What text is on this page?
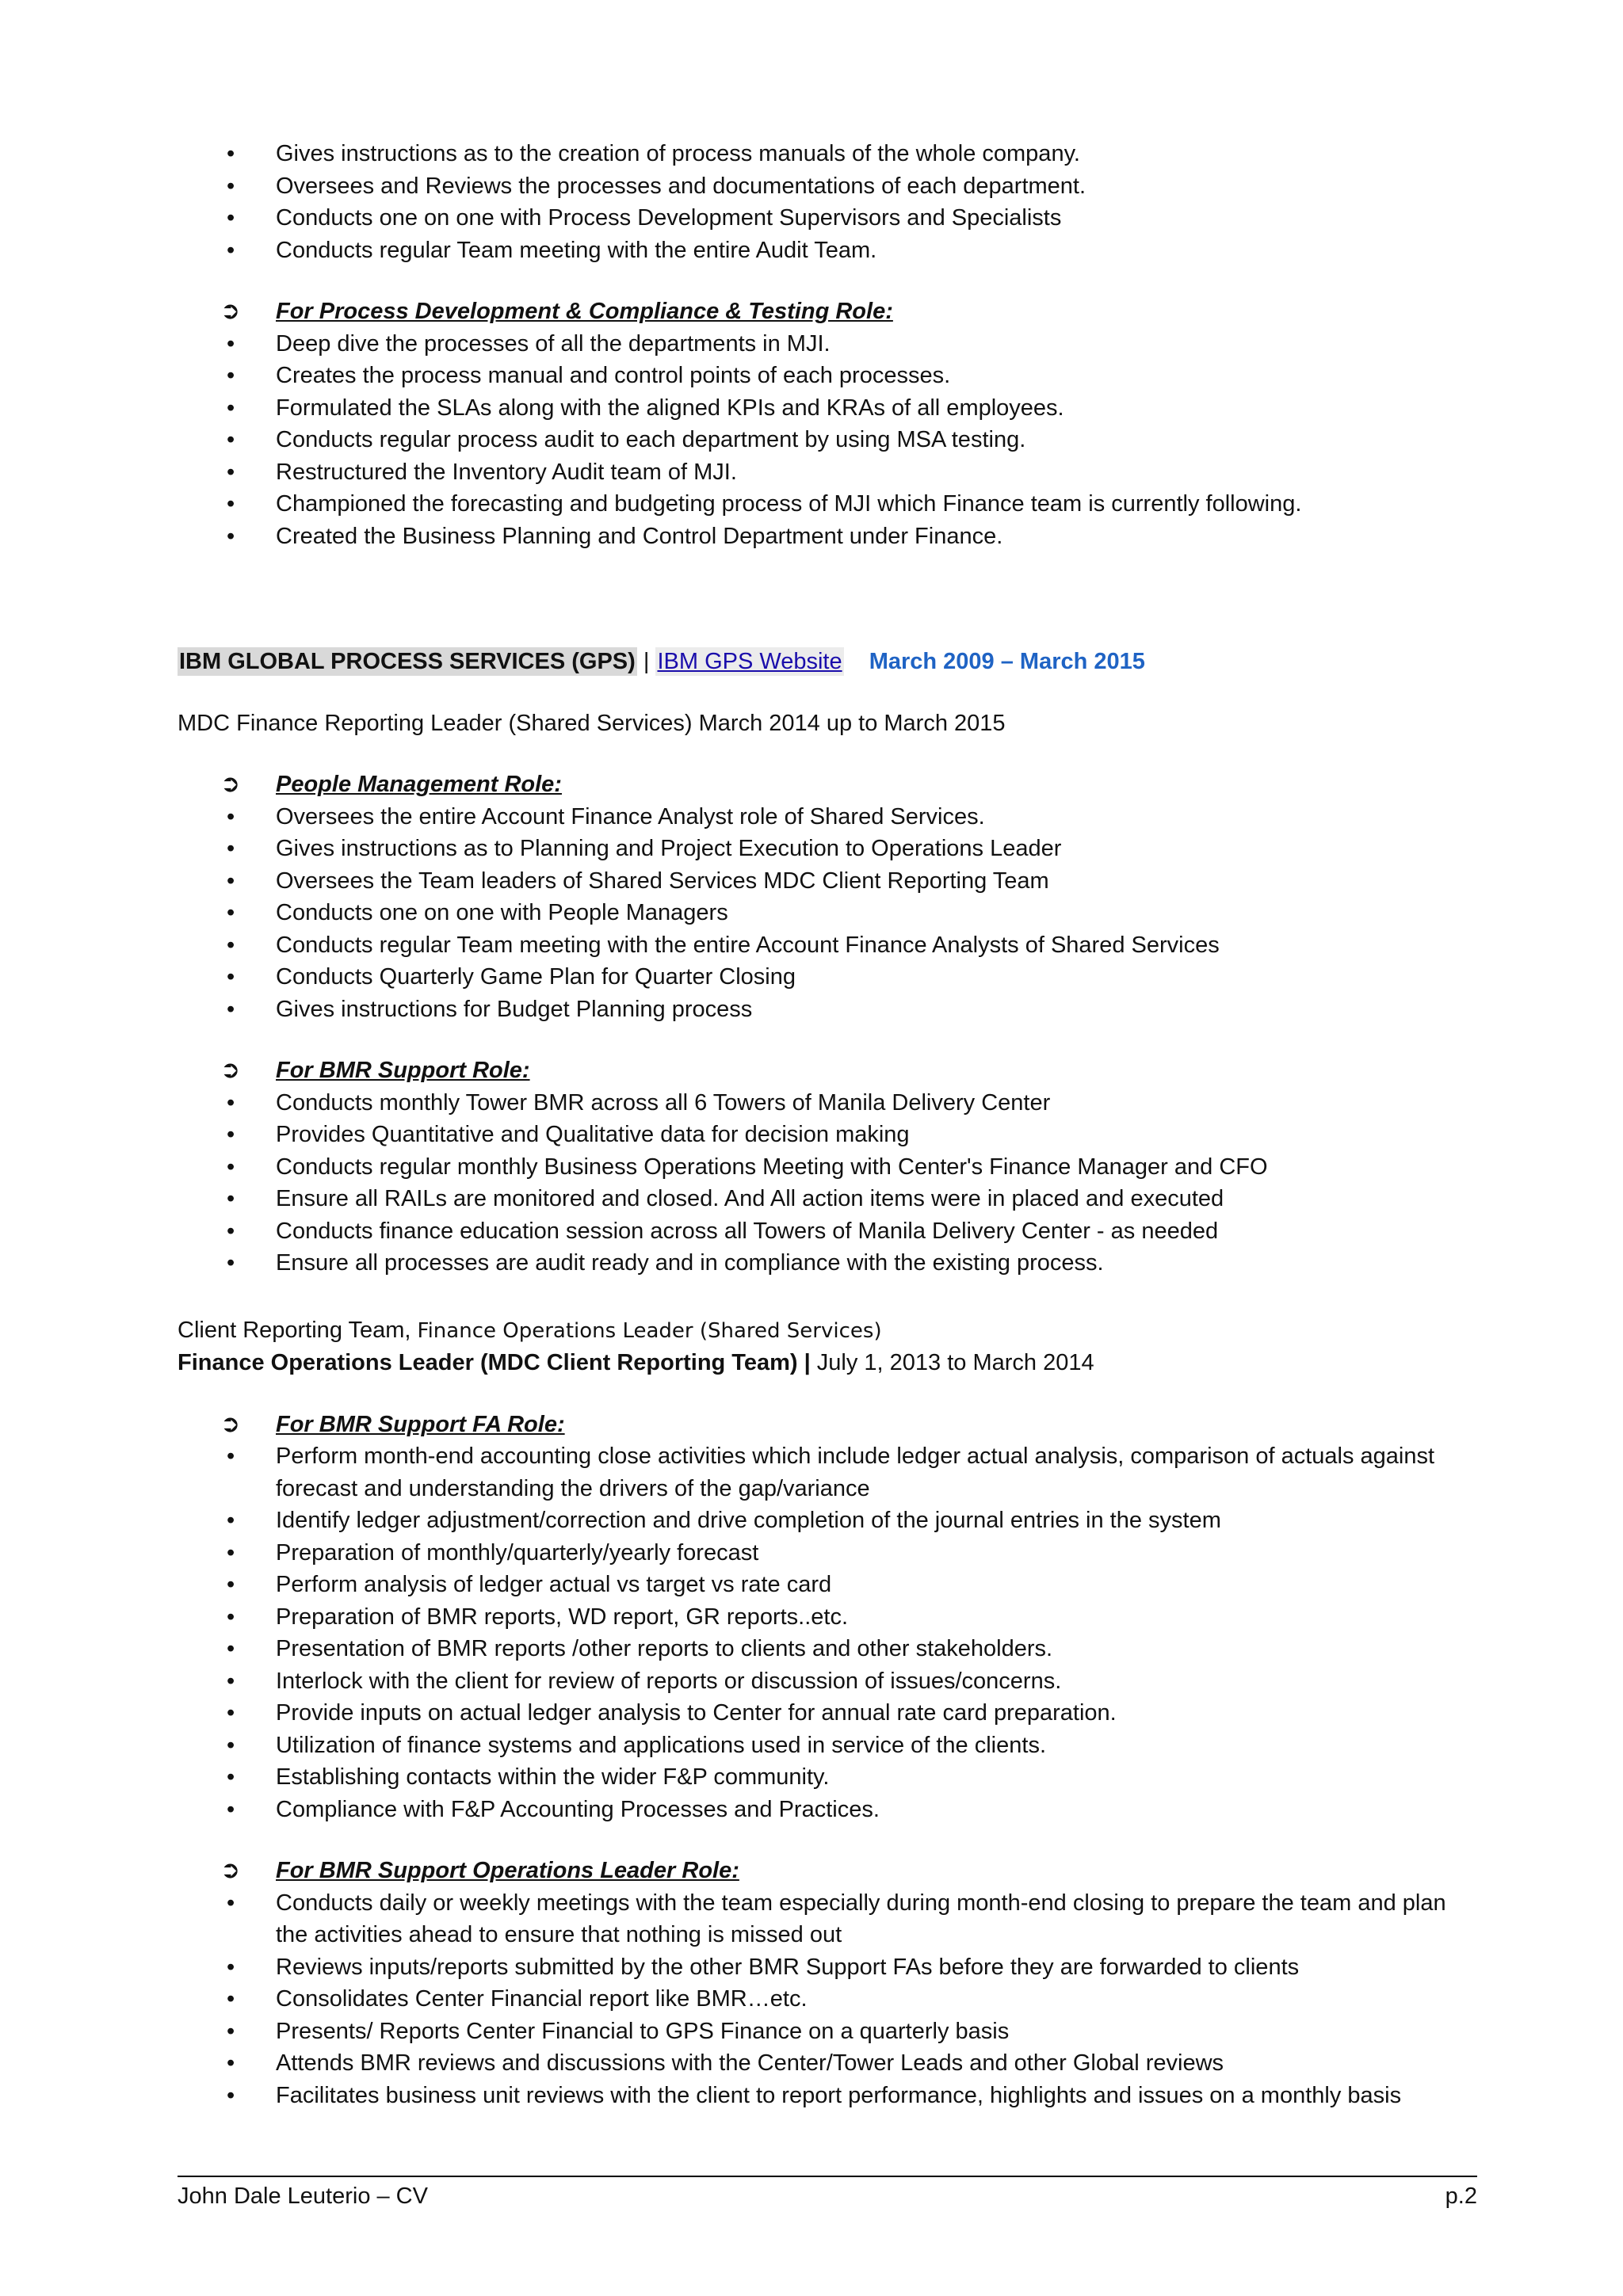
• Gives instructions as to the creation of process manuals of the whole company.
• Oversees and Reviews the processes and documentations of each department.
• Conducts one on one with Process Development Supervisors and Specialists
• Conducts regular Team meeting with the entire Audit Team.
➲ For Process Development & Compliance & Testing Role:
• Deep dive the processes of all the departments in MJI.
• Creates the process manual and control points of each processes.
• Formulated the SLAs along with the aligned KPIs and KRAs of all employees.
• Conducts regular process audit to each department by using MSA testing.
• Restructured the Inventory Audit team of MJI.
• Championed the forecasting and budgeting process of MJI which Finance team is currently following.
• Created the Business Planning and Control Department under Finance.
IBM GLOBAL PROCESS SERVICES (GPS) | IBM GPS Website March 2009 – March 2015
MDC Finance Reporting Leader (Shared Services) March 2014 up to March 2015
➲ People Management Role:
• Oversees the entire Account Finance Analyst role of Shared Services.
• Gives instructions as to Planning and Project Execution to Operations Leader
• Oversees the Team leaders of Shared Services MDC Client Reporting Team
• Conducts one on one with People Managers
• Conducts regular Team meeting with the entire Account Finance Analysts of Shared Services
• Conducts Quarterly Game Plan for Quarter Closing
• Gives instructions for Budget Planning process
➲ For BMR Support Role:
• Conducts monthly Tower BMR across all 6 Towers of Manila Delivery Center
• Provides Quantitative and Qualitative data for decision making
• Conducts regular monthly Business Operations Meeting with Center's Finance Manager and CFO
• Ensure all RAILs are monitored and closed. And All action items were in placed and executed
• Conducts finance education session across all Towers of Manila Delivery Center - as needed
• Ensure all processes are audit ready and in compliance with the existing process.
Client Reporting Team, Finance Operations Leader (Shared Services)
Finance Operations Leader (MDC Client Reporting Team) | July 1, 2013 to March 2014
➲ For BMR Support FA Role:
• Perform month-end accounting close activities which include ledger actual analysis, comparison of actuals against forecast and understanding the drivers of the gap/variance
• Identify ledger adjustment/correction and drive completion of the journal entries in the system
• Preparation of monthly/quarterly/yearly forecast
• Perform analysis of ledger actual vs target vs rate card
• Preparation of BMR reports, WD report, GR reports..etc.
• Presentation of BMR reports /other reports to clients and other stakeholders.
• Interlock with the client for review of reports or discussion of issues/concerns.
• Provide inputs on actual ledger analysis to Center for annual rate card preparation.
• Utilization of finance systems and applications used in service of the clients.
• Establishing contacts within the wider F&P community.
• Compliance with F&P Accounting Processes and Practices.
➲ For BMR Support Operations Leader Role:
• Conducts daily or weekly meetings with the team especially during month-end closing to prepare the team and plan the activities ahead to ensure that nothing is missed out
• Reviews inputs/reports submitted by the other BMR Support FAs before they are forwarded to clients
• Consolidates Center Financial report like BMR…etc.
• Presents/ Reports Center Financial to GPS Finance on a quarterly basis
• Attends BMR reviews and discussions with the Center/Tower Leads and other Global reviews
• Facilitates business unit reviews with the client to report performance, highlights and issues on a monthly basis
John Dale Leuterio – CV	p.2
